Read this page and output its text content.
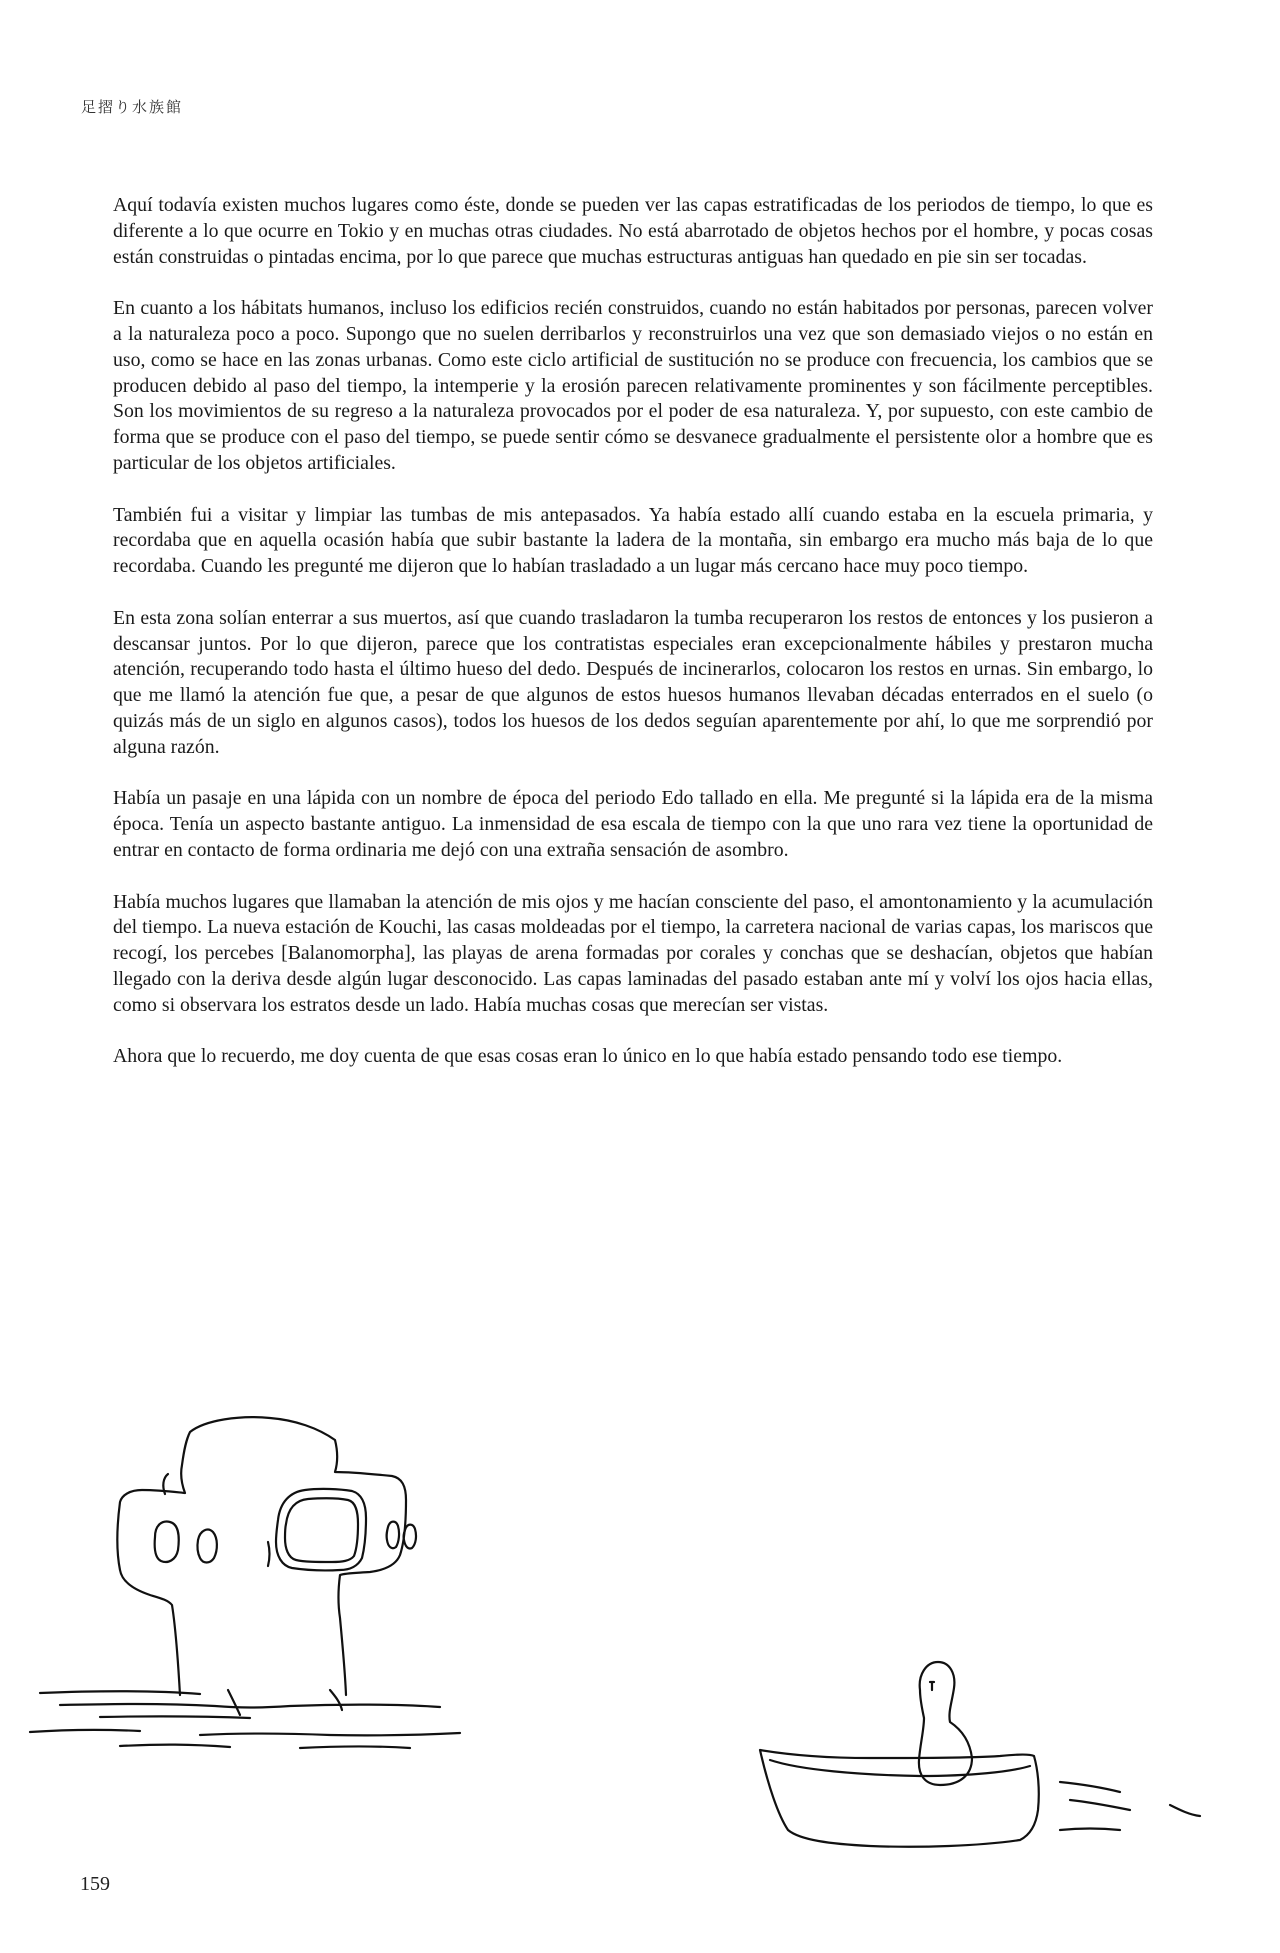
足摺り水族館

Aquí todavía existen muchos lugares como éste, donde se pueden ver las capas estratificadas de los periodos de tiempo, lo que es diferente a lo que ocurre en Tokio y en muchas otras ciudades. No está abarrotado de objetos hechos por el hombre, y pocas cosas están construidas o pintadas encima, por lo que parece que muchas estructuras antiguas han quedado en pie sin ser tocadas.

En cuanto a los hábitats humanos, incluso los edificios recién construidos, cuando no están habitados por personas, parecen volver a la naturaleza poco a poco. Supongo que no suelen derribarlos y reconstruirlos una vez que son demasiado viejos o no están en uso, como se hace en las zonas urbanas. Como este ciclo artificial de sustitución no se produce con frecuencia, los cambios que se producen debido al paso del tiempo, la intemperie y la erosión parecen relativamente prominentes y son fácilmente perceptibles. Son los movimientos de su regreso a la naturaleza provocados por el poder de esa naturaleza. Y, por supuesto, con este cambio de forma que se produce con el paso del tiempo, se puede sentir cómo se desvanece gradualmente el persistente olor a hombre que es particular de los objetos artificiales.

También fui a visitar y limpiar las tumbas de mis antepasados. Ya había estado allí cuando estaba en la escuela primaria, y recordaba que en aquella ocasión había que subir bastante la ladera de la montaña, sin embargo era mucho más baja de lo que recordaba. Cuando les pregunté me dijeron que lo habían trasladado a un lugar más cercano hace muy poco tiempo.

En esta zona solían enterrar a sus muertos, así que cuando trasladaron la tumba recuperaron los restos de entonces y los pusieron a descansar juntos. Por lo que dijeron, parece que los contratistas especiales eran excepcionalmente hábiles y prestaron mucha atención, recuperando todo hasta el último hueso del dedo. Después de incinerarlos, colocaron los restos en urnas. Sin embargo, lo que me llamó la atención fue que, a pesar de que algunos de estos huesos humanos llevaban décadas enterrados en el suelo (o quizás más de un siglo en algunos casos), todos los huesos de los dedos seguían aparentemente por ahí, lo que me sorprendió por alguna razón.

Había un pasaje en una lápida con un nombre de época del periodo Edo tallado en ella. Me pregunté si la lápida era de la misma época. Tenía un aspecto bastante antiguo. La inmensidad de esa escala de tiempo con la que uno rara vez tiene la oportunidad de entrar en contacto de forma ordinaria me dejó con una extraña sensación de asombro.

Había muchos lugares que llamaban la atención de mis ojos y me hacían consciente del paso, el amontonamiento y la acumulación del tiempo. La nueva estación de Kouchi, las casas moldeadas por el tiempo, la carretera nacional de varias capas, los mariscos que recogí, los percebes [Balanomorpha], las playas de arena formadas por corales y conchas que se deshacían, objetos que habían llegado con la deriva desde algún lugar desconocido. Las capas laminadas del pasado estaban ante mí y volví los ojos hacia ellas, como si observara los estratos desde un lado. Había muchas cosas que merecían ser vistas.

Ahora que lo recuerdo, me doy cuenta de que esas cosas eran lo único en lo que había estado pensando todo ese tiempo.

159
